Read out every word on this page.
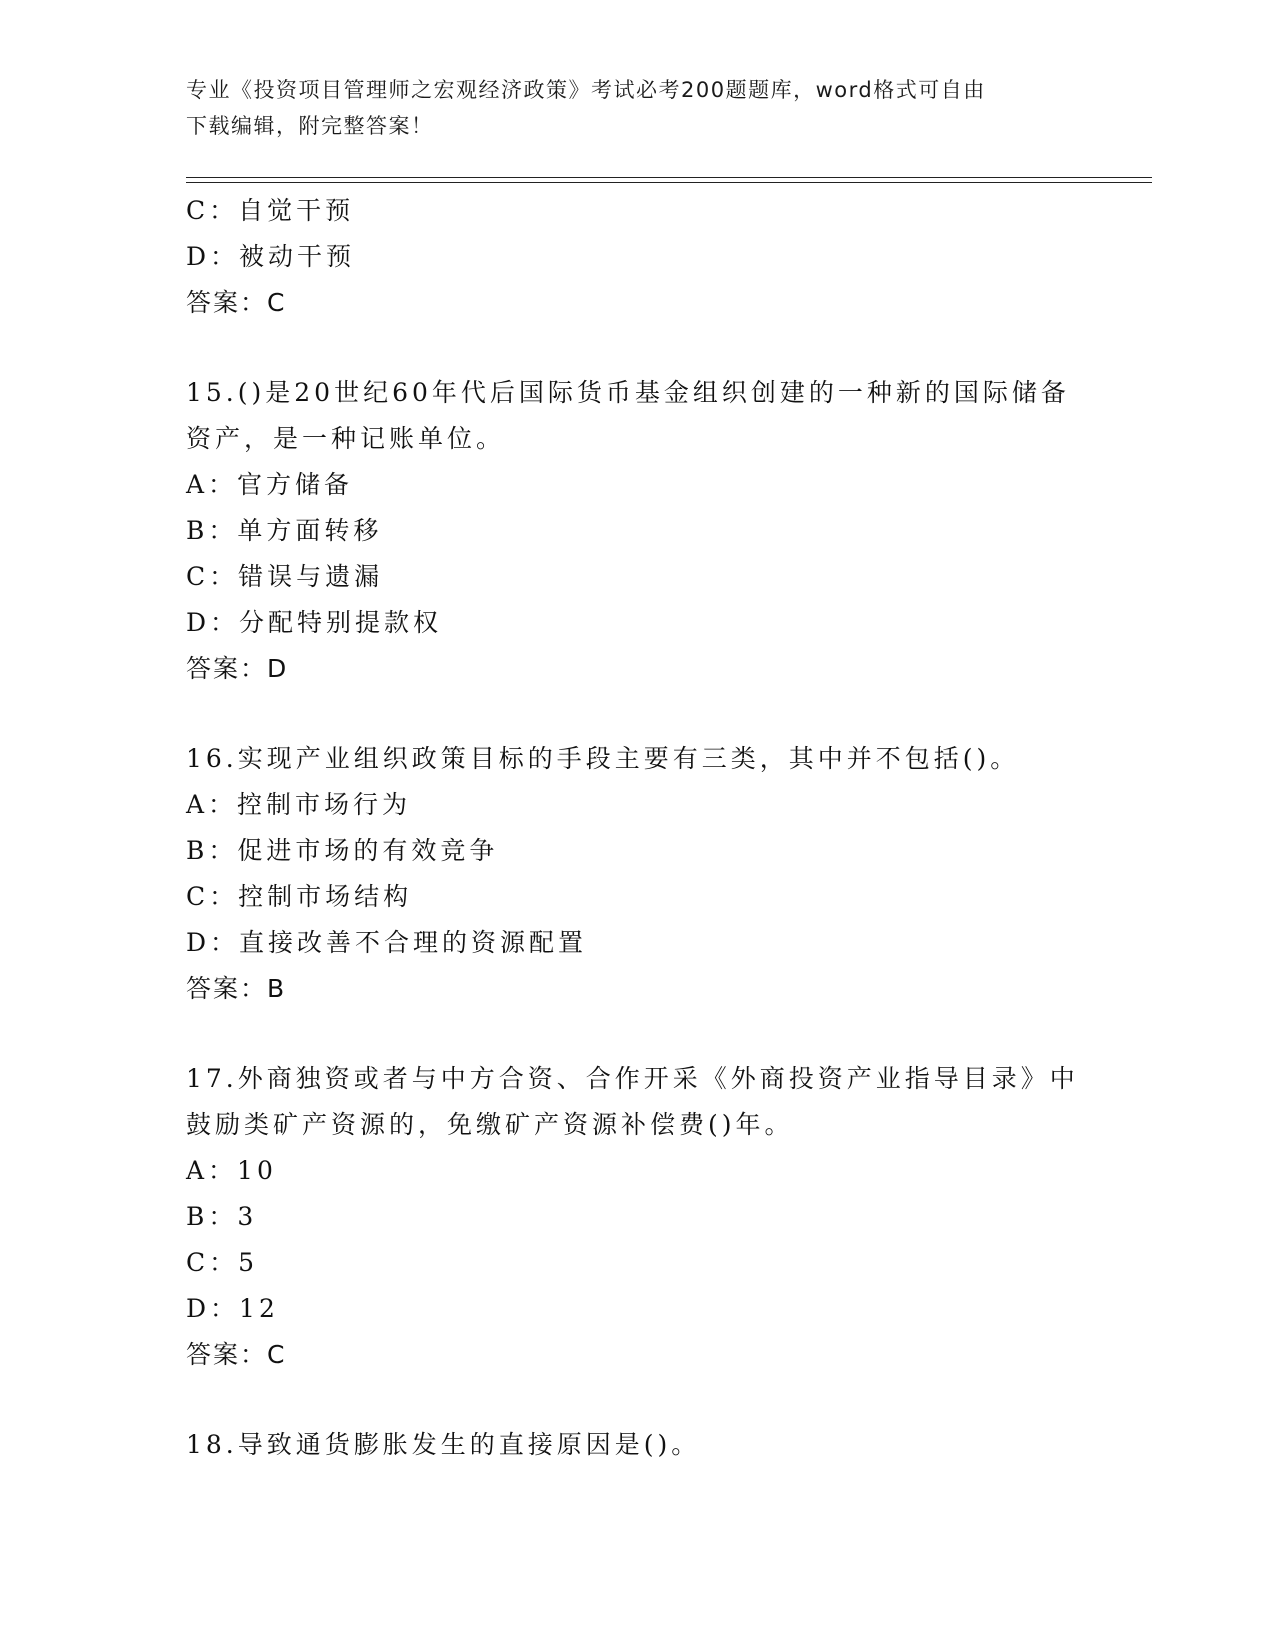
专业《投资项目管理师之宏观经济政策》考试必考200题题库，word格式可自由
下载编辑，附完整答案！
C：自觉干预
D：被动干预
答案：C
15.()是20世纪60年代后国际货币基金组织创建的一种新的国际储备
资产，是一种记账单位。
A：官方储备
B：单方面转移
C：错误与遗漏
D：分配特别提款权
答案：D
16.实现产业组织政策目标的手段主要有三类，其中并不包括()。
A：控制市场行为
B：促进市场的有效竞争
C：控制市场结构
D：直接改善不合理的资源配置
答案：B
17.外商独资或者与中方合资、合作开采《外商投资产业指导目录》中
鼓励类矿产资源的，免缴矿产资源补偿费()年。
A：10
B：3
C：5
D：12
答案：C
18.导致通货膨胀发生的直接原因是()。
